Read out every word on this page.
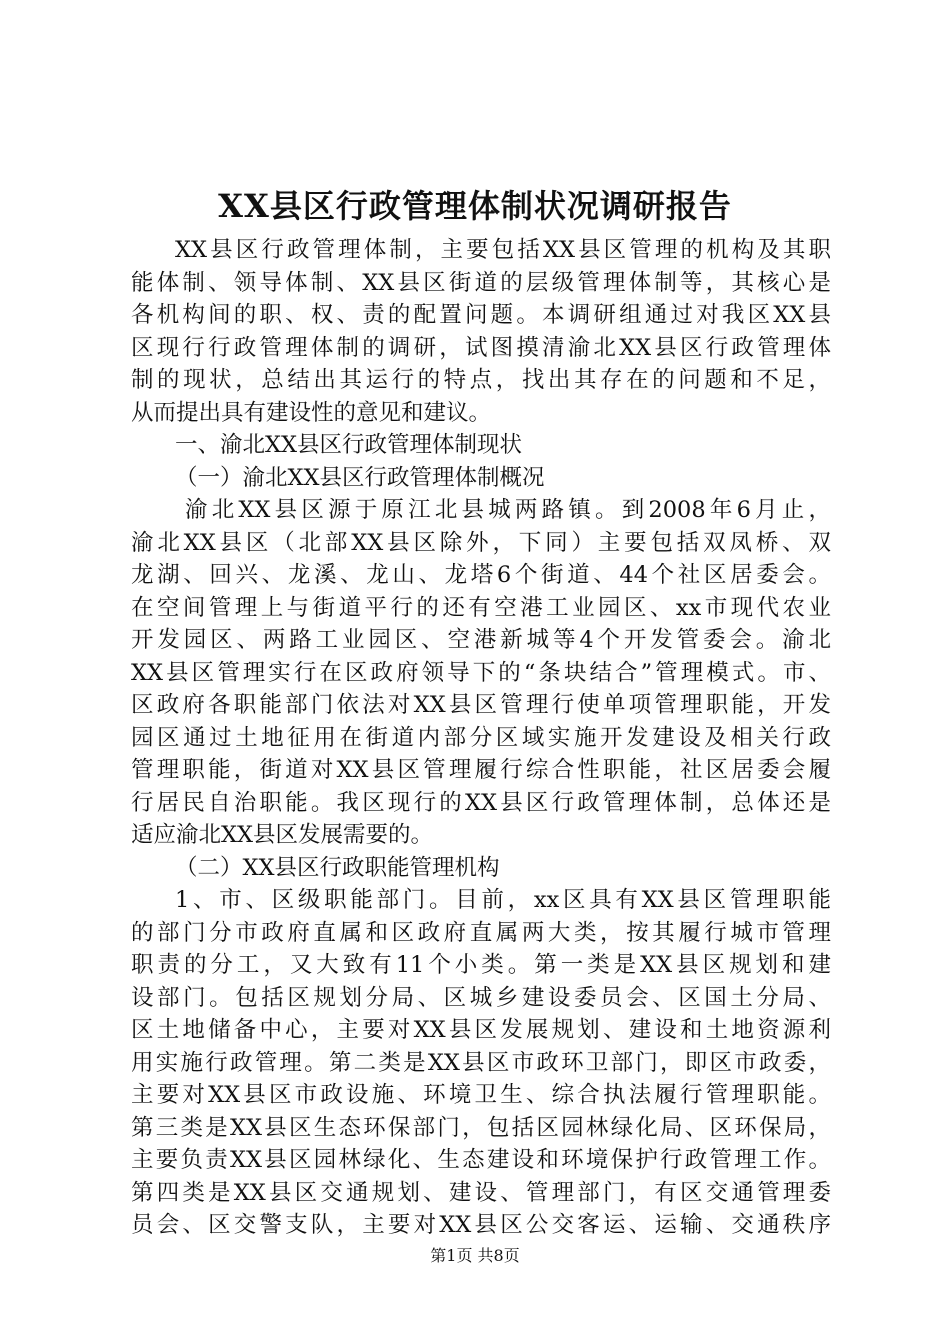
XX县区行政管理体制状况调研报告
XX县区行政管理体制，主要包括XX县区管理的机构及其职
能体制、领导体制、XX县区街道的层级管理体制等，其核心是
各机构间的职、权、责的配置问题。本调研组通过对我区XX县
区现行行政管理体制的调研，试图摸清渝北XX县区行政管理体
制的现状，总结出其运行的特点，找出其存在的问题和不足，
从而提出具有建设性的意见和建议。
一、渝北XX县区行政管理体制现状
（一）渝北XX县区行政管理体制概况
渝北XX县区源于原江北县城两路镇。到2008年6月止，
渝北XX县区（北部XX县区除外，下同）主要包括双凤桥、双
龙湖、回兴、龙溪、龙山、龙塔6个街道、44个社区居委会。
在空间管理上与街道平行的还有空港工业园区、xx市现代农业
开发园区、两路工业园区、空港新城等4个开发管委会。渝北
XX县区管理实行在区政府领导下的“条块结合”管理模式。市、
区政府各职能部门依法对XX县区管理行使单项管理职能，开发
园区通过土地征用在街道内部分区域实施开发建设及相关行政
管理职能，街道对XX县区管理履行综合性职能，社区居委会履
行居民自治职能。我区现行的XX县区行政管理体制，总体还是
适应渝北XX县区发展需要的。
（二）XX县区行政职能管理机构
1、市、区级职能部门。目前，xx区具有XX县区管理职能
的部门分市政府直属和区政府直属两大类，按其履行城市管理
职责的分工，又大致有11个小类。第一类是XX县区规划和建
设部门。包括区规划分局、区城乡建设委员会、区国土分局、
区土地储备中心，主要对XX县区发展规划、建设和土地资源利
用实施行政管理。第二类是XX县区市政环卫部门，即区市政委，
主要对XX县区市政设施、环境卫生、综合执法履行管理职能。
第三类是XX县区生态环保部门，包括区园林绿化局、区环保局，
主要负责XX县区园林绿化、生态建设和环境保护行政管理工作。
第四类是XX县区交通规划、建设、管理部门，有区交通管理委
员会、区交警支队，主要对XX县区公交客运、运输、交通秩序
第1页 共8页
